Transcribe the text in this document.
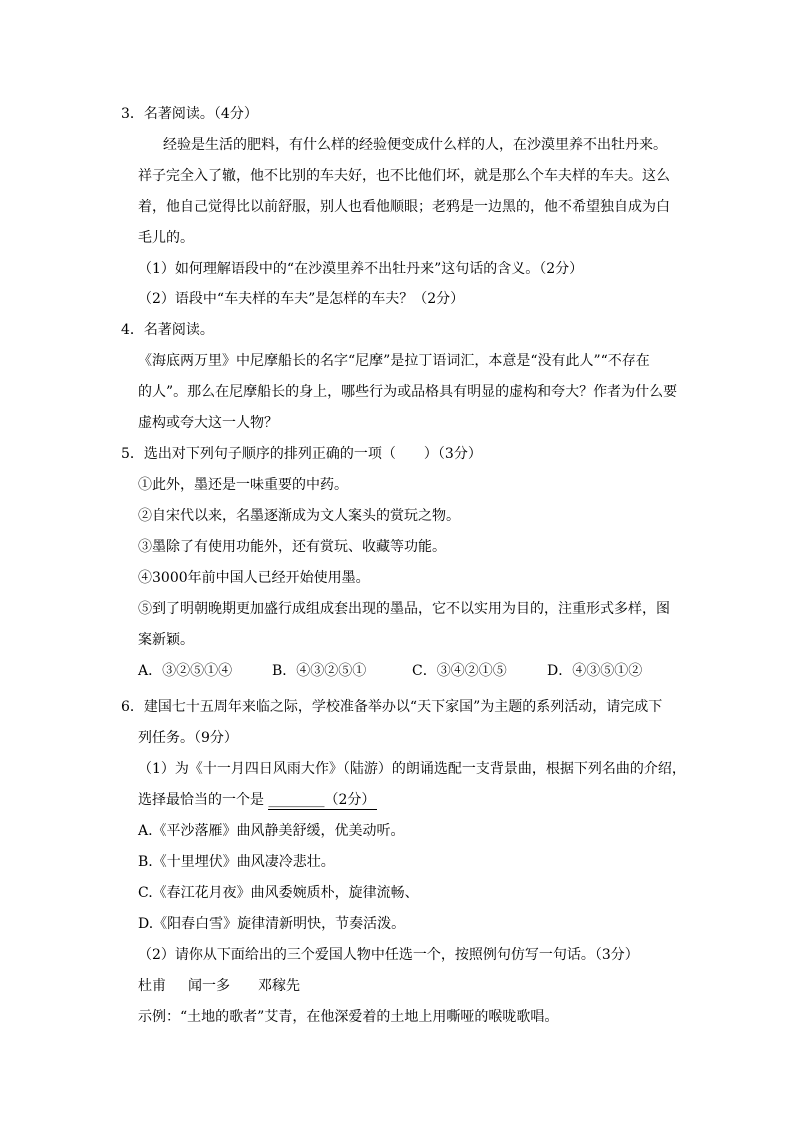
3．名著阅读。（4分）
经验是生活的肥料，有什么样的经验便变成什么样的人，在沙漠里养不出牡丹来。
祥子完全入了辙，他不比别的车夫好，也不比他们坏，就是那么个车夫样的车夫。这么
着，他自己觉得比以前舒服，别人也看他顺眼；老鸦是一边黑的，他不希望独自成为白
毛儿的。
（1）如何理解语段中的“在沙漠里养不出牡丹来”这句话的含义。（2分）
（2）语段中“车夫样的车夫”是怎样的车夫？（2分）
4．名著阅读。
《海底两万里》中尼摩船长的名字“尼摩”是拉丁语词汇，本意是“没有此人”“不存在
的人”。那么在尼摩船长的身上，哪些行为或品格具有明显的虚构和夸大？作者为什么要
虚构或夸大这一人物？
5．选出对下列句子顺序的排列正确的一项（　　）（3分）
①此外，墨还是一味重要的中药。
②自宋代以来，名墨逐渐成为文人案头的赏玩之物。
③墨除了有使用功能外，还有赏玩、收藏等功能。
④3000年前中国人已经开始使用墨。
⑤到了明朝晚期更加盛行成组成套出现的墨品，它不以实用为目的，注重形式多样，图
案新颖。
A．③②⑤①④	B．④③②⑤①	C．③④②①⑤	D．④③⑤①②
6．建国七十五周年来临之际，学校准备举办以“天下家国”为主题的系列活动，请完成下
列任务。（9分）
（1）为《十一月四日风雨大作》（陆游）的朗诵选配一支背景曲，根据下列名曲的介绍，
选择最恰当的一个是 ________（2分）
A.《平沙落雁》曲风静美舒缓，优美动听。
B.《十里埋伏》曲风凄冷悲壮。
C.《春江花月夜》曲风委婉质朴，旋律流畅、
D.《阳春白雪》旋律清新明快，节奏活泼。
（2）请你从下面给出的三个爱国人物中任选一个，按照例句仿写一句话。（3分）
杜甫 闻一多 邓稼先
示例：“土地的歌者”艾青，在他深爱着的土地上用嘶哑的喉咙歌唱。
